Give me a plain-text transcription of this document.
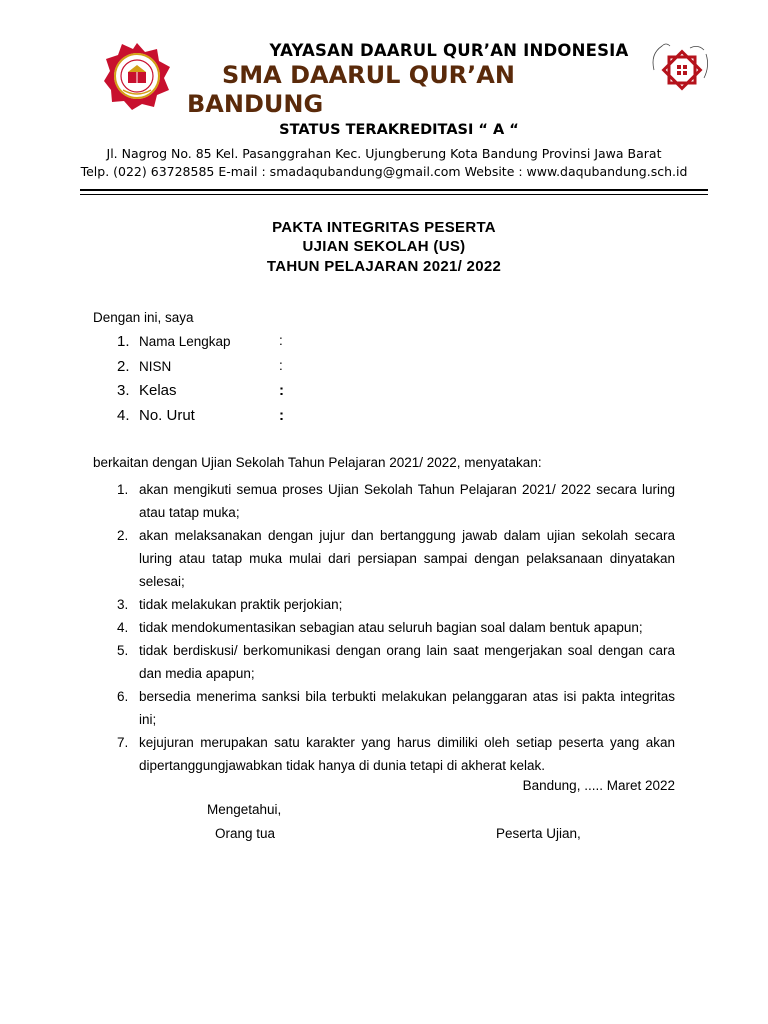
YAYASAN DAARUL QUR’AN INDONESIA
SMA DAARUL QUR’AN
BANDUNG
STATUS TERAKREDITASI “ A “
Jl. Nagrog No. 85 Kel. Pasanggrahan Kec. Ujungberung Kota Bandung Provinsi Jawa Barat
Telp. (022) 63728585 E-mail : smadaqubandung@gmail.com Website : www.daqubandung.sch.id
PAKTA INTEGRITAS PESERTA
UJIAN SEKOLAH (US)
TAHUN PELAJARAN 2021/ 2022
Dengan ini, saya
1. Nama Lengkap	:
2. NISN	:
3. Kelas	:
4. No. Urut	:
berkaitan dengan Ujian Sekolah Tahun Pelajaran 2021/ 2022, menyatakan:
1. akan mengikuti semua proses Ujian Sekolah Tahun Pelajaran 2021/ 2022 secara luring atau tatap muka;
2. akan melaksanakan dengan jujur dan bertanggung jawab dalam ujian sekolah secara luring atau tatap muka mulai dari persiapan sampai dengan pelaksanaan dinyatakan selesai;
3. tidak melakukan praktik perjokian;
4. tidak mendokumentasikan sebagian atau seluruh bagian soal dalam bentuk apapun;
5. tidak berdiskusi/ berkomunikasi dengan orang lain saat mengerjakan soal dengan cara dan media apapun;
6. bersedia menerima sanksi bila terbukti melakukan pelanggaran atas isi pakta integritas ini;
7. kejujuran merupakan satu karakter yang harus dimiliki oleh setiap peserta yang akan dipertanggungjawabkan tidak hanya di dunia tetapi di akherat kelak.
Bandung, ..... Maret 2022
Mengetahui,
Orang tua	Peserta Ujian,
